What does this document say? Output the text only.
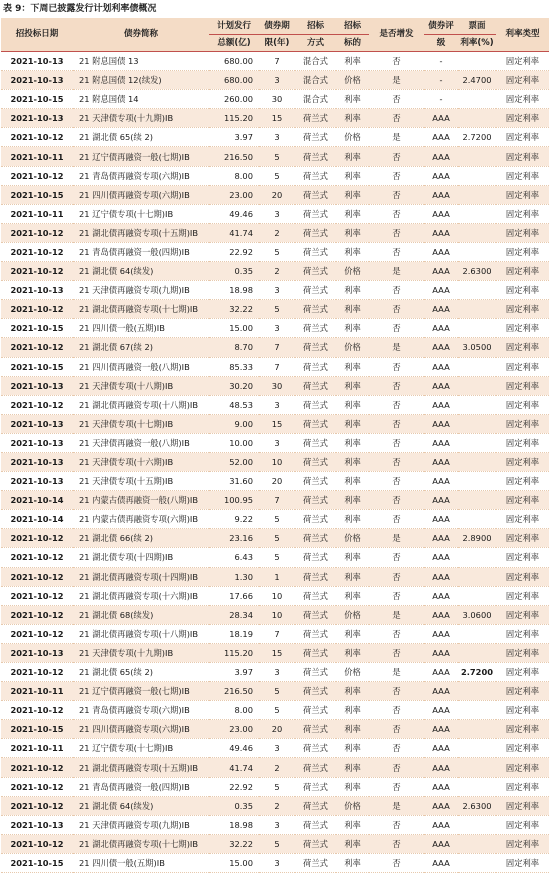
表 9：下周已披露发行计划利率债概况
招投标日期	债券简称	计划发行	债券期	招标	招标	是否增发	债券评	票面	利率类型
		总额(亿)	限(年)	方式	标的		级	利率(%)	
2021-10-13	21 附息国债 13	680.00	7	混合式	利率	否	-		固定利率
2021-10-13	21 附息国债 12(续发)	680.00	3	混合式	价格	是	-	2.4700	固定利率
2021-10-15	21 附息国债 14	260.00	30	混合式	利率	否	-		固定利率
2021-10-13	21 天津债专项(十九期)IB	115.20	15	荷兰式	利率	否	AAA		固定利率
2021-10-12	21 湖北债 65(续 2)	3.97	3	荷兰式	价格	是	AAA	2.7200	固定利率
2021-10-11	21 辽宁债再融资一般(七期)IB	216.50	5	荷兰式	利率	否	AAA		固定利率
2021-10-12	21 青岛债再融资专项(六期)IB	8.00	5	荷兰式	利率	否	AAA		固定利率
2021-10-15	21 四川债再融资专项(六期)IB	23.00	20	荷兰式	利率	否	AAA		固定利率
2021-10-11	21 辽宁债专项(十七期)IB	49.46	3	荷兰式	利率	否	AAA		固定利率
2021-10-12	21 湖北债再融资专项(十五期)IB	41.74	2	荷兰式	利率	否	AAA		固定利率
2021-10-12	21 青岛债再融资一般(四期)IB	22.92	5	荷兰式	利率	否	AAA		固定利率
2021-10-12	21 湖北债 64(续发)	0.35	2	荷兰式	价格	是	AAA	2.6300	固定利率
2021-10-13	21 天津债再融资专项(九期)IB	18.98	3	荷兰式	利率	否	AAA		固定利率
2021-10-12	21 湖北债再融资专项(十七期)IB	32.22	5	荷兰式	利率	否	AAA		固定利率
2021-10-15	21 四川债一般(五期)IB	15.00	3	荷兰式	利率	否	AAA		固定利率
2021-10-12	21 湖北债 67(续 2)	8.70	7	荷兰式	价格	是	AAA	3.0500	固定利率
2021-10-15	21 四川债再融资一般(八期)IB	85.33	7	荷兰式	利率	否	AAA		固定利率
2021-10-13	21 天津债专项(十八期)IB	30.20	30	荷兰式	利率	否	AAA		固定利率
2021-10-12	21 湖北债再融资专项(十八期)IB	48.53	3	荷兰式	利率	否	AAA		固定利率
2021-10-13	21 天津债专项(十七期)IB	9.00	15	荷兰式	利率	否	AAA		固定利率
2021-10-13	21 天津债再融资一般(八期)IB	10.00	3	荷兰式	利率	否	AAA		固定利率
2021-10-13	21 天津债专项(十六期)IB	52.00	10	荷兰式	利率	否	AAA		固定利率
2021-10-13	21 天津债专项(十五期)IB	31.60	20	荷兰式	利率	否	AAA		固定利率
2021-10-14	21 内蒙古债再融资一般(八期)IB	100.95	7	荷兰式	利率	否	AAA		固定利率
2021-10-14	21 内蒙古债再融资专项(六期)IB	9.22	5	荷兰式	利率	否	AAA		固定利率
2021-10-12	21 湖北债 66(续 2)	23.16	5	荷兰式	价格	是	AAA	2.8900	固定利率
2021-10-12	21 湖北债专项(十四期)IB	6.43	5	荷兰式	利率	否	AAA		固定利率
2021-10-12	21 湖北债再融资专项(十四期)IB	1.30	1	荷兰式	利率	否	AAA		固定利率
2021-10-12	21 湖北债再融资专项(十六期)IB	17.66	10	荷兰式	利率	否	AAA		固定利率
2021-10-12	21 湖北债 68(续发)	28.34	10	荷兰式	价格	是	AAA	3.0600	固定利率
2021-10-12	21 湖北债再融资专项(十八期)IB	18.19	7	荷兰式	利率	否	AAA		固定利率
2021-10-13	21 天津债专项(十九期)IB	115.20	15	荷兰式	利率	否	AAA		固定利率
2021-10-12	21 湖北债 65(续 2)	3.97	3	荷兰式	价格	是	AAA	2.7200	固定利率
2021-10-11	21 辽宁债再融资一般(七期)IB	216.50	5	荷兰式	利率	否	AAA		固定利率
2021-10-12	21 青岛债再融资专项(六期)IB	8.00	5	荷兰式	利率	否	AAA		固定利率
2021-10-15	21 四川债再融资专项(六期)IB	23.00	20	荷兰式	利率	否	AAA		固定利率
2021-10-11	21 辽宁债专项(十七期)IB	49.46	3	荷兰式	利率	否	AAA		固定利率
2021-10-12	21 湖北债再融资专项(十五期)IB	41.74	2	荷兰式	利率	否	AAA		固定利率
2021-10-12	21 青岛债再融资一般(四期)IB	22.92	5	荷兰式	利率	否	AAA		固定利率
2021-10-12	21 湖北债 64(续发)	0.35	2	荷兰式	价格	是	AAA	2.6300	固定利率
2021-10-13	21 天津债再融资专项(九期)IB	18.98	3	荷兰式	利率	否	AAA		固定利率
2021-10-12	21 湖北债再融资专项(十七期)IB	32.22	5	荷兰式	利率	否	AAA		固定利率
2021-10-15	21 四川债一般(五期)IB	15.00	3	荷兰式	利率	否	AAA		固定利率
